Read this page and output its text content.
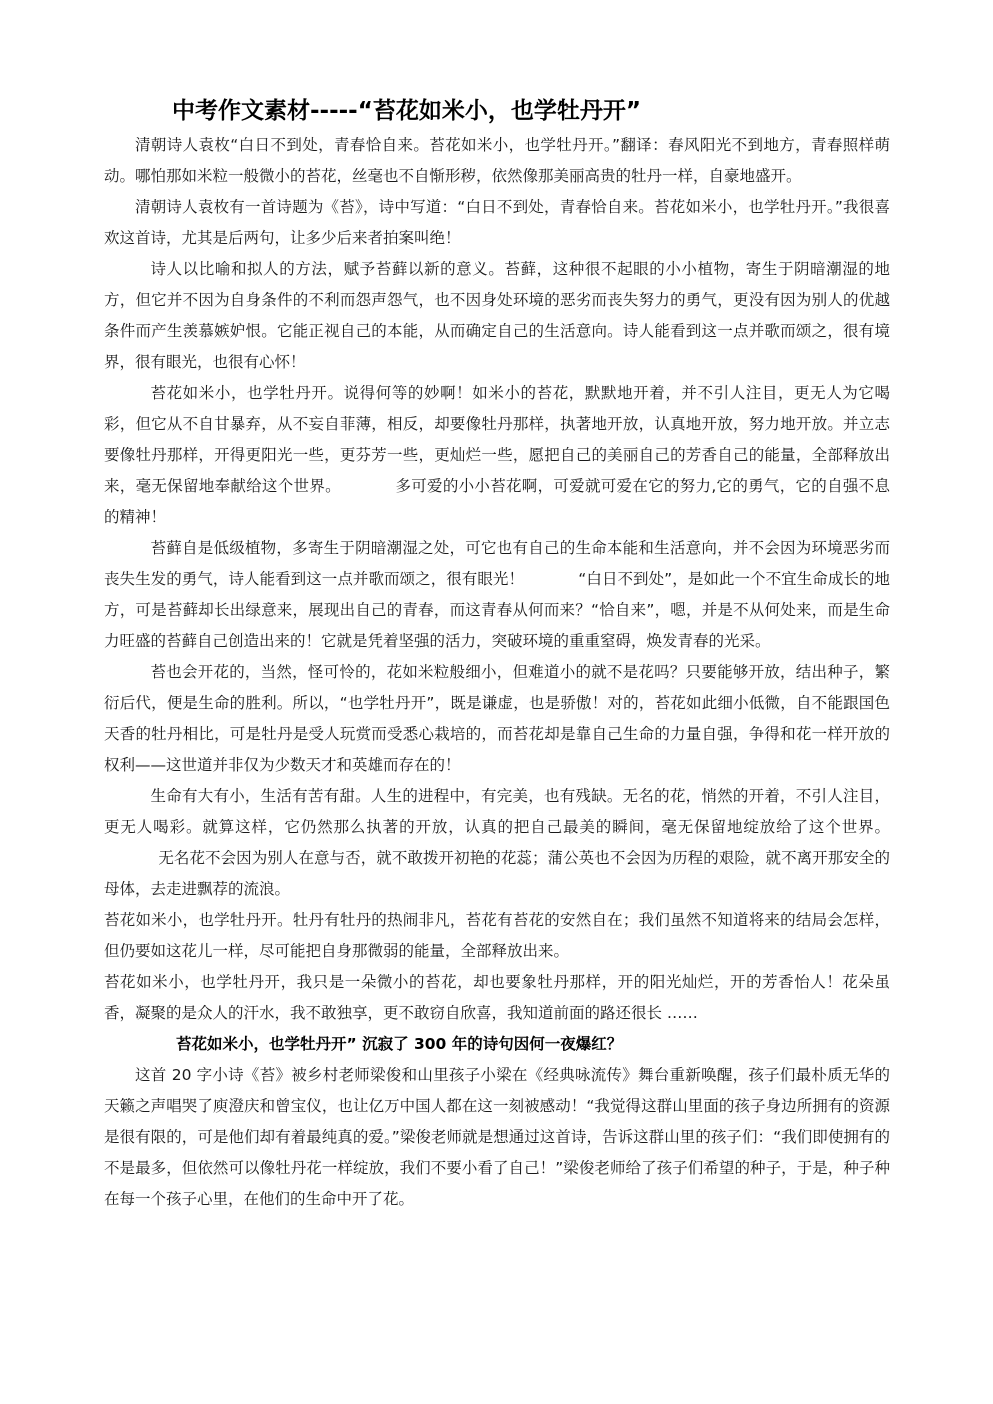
中考作文素材-----“苔花如米小，也学牡丹开”

清朝诗人袁枚“白日不到处，青春恰自来。苔花如米小，也学牡丹开。”翻译：春风阳光不到地方，青春照样萌动。哪怕那如米粒一般微小的苔花，丝毫也不自惭形秽，依然像那美丽高贵的牡丹一样，自豪地盛开。

清朝诗人袁枚有一首诗题为《苔》，诗中写道：“白日不到处，青春恰自来。苔花如米小，也学牡丹开。”我很喜欢这首诗，尤其是后两句，让多少后来者拍案叫绝！

诗人以比喻和拟人的方法，赋予苔藓以新的意义。苔藓，这种很不起眼的小小植物，寄生于阴暗潮湿的地方，但它并不因为自身条件的不利而怨声怨气，也不因身处环境的恶劣而丧失努力的勇气，更没有因为别人的优越条件而产生羡慕嫉妒恨。它能正视自己的本能，从而确定自己的生活意向。诗人能看到这一点并歌而颂之，很有境界，很有眼光，也很有心怀！

苔花如米小，也学牡丹开。说得何等的妙啊！如米小的苔花，默默地开着，并不引人注目，更无人为它喝彩，但它从不自甘暴弃，从不妄自菲薄，相反，却要像牡丹那样，执著地开放，认真地开放，努力地开放。并立志要像牡丹那样，开得更阳光一些，更芬芳一些，更灿烂一些，愿把自己的美丽自己的芳香自己的能量，全部释放出来，毫无保留地奉献给这个世界。	多可爱的小小苔花啊，可爱就可爱在它的努力,它的勇气，它的自强不息的精神！

苔藓自是低级植物，多寄生于阴暗潮湿之处，可它也有自己的生命本能和生活意向，并不会因为环境恶劣而丧失生发的勇气，诗人能看到这一点并歌而颂之，很有眼光！	“白日不到处”，是如此一个不宜生命成长的地方，可是苔藓却长出绿意来，展现出自己的青春，而这青春从何而来？“恰自来”，嗯，并是不从何处来，而是生命力旺盛的苔藓自己创造出来的！它就是凭着坚强的活力，突破环境的重重窒碍，焕发青春的光采。

苔也会开花的，当然，怪可怜的，花如米粒般细小，但难道小的就不是花吗？只要能够开放，结出种子，繁衍后代，便是生命的胜利。所以，“也学牡丹开”，既是谦虚，也是骄傲！对的，苔花如此细小低微，自不能跟国色天香的牡丹相比，可是牡丹是受人玩赏而受悉心栽培的，而苔花却是靠自己生命的力量自强，争得和花一样开放的权利——这世道并非仅为少数天才和英雄而存在的！

生命有大有小，生活有苦有甜。人生的进程中，有完美，也有残缺。无名的花，悄然的开着，不引人注目，更无人喝彩。就算这样，它仍然那么执著的开放，认真的把自己最美的瞬间，毫无保留地绽放给了这个世界。无名花不会因为别人在意与否，就不敢拨开初艳的花蕊；蒲公英也不会因为历程的艰险，就不离开那安全的母体，去走进飘荐的流浪。

苔花如米小，也学牡丹开。牡丹有牡丹的热闹非凡，苔花有苔花的安然自在；我们虽然不知道将来的结局会怎样，但仍要如这花儿一样，尽可能把自身那微弱的能量，全部释放出来。

苔花如米小，也学牡丹开，我只是一朵微小的苔花，却也要象牡丹那样，开的阳光灿烂，开的芳香怡人！花朵虽香，凝聚的是众人的汗水，我不敢独享，更不敢窃自欣喜，我知道前面的路还很长 ……

苔花如米小，也学牡丹开” 沉寂了 300 年的诗句因何一夜爆红？

这首 20 字小诗《苔》被乡村老师梁俊和山里孩子小梁在《经典咏流传》舞台重新唤醒，孩子们最朴质无华的天籁之声唱哭了庾澄庆和曾宝仪，也让亿万中国人都在这一刻被感动！“我觉得这群山里面的孩子身边所拥有的资源是很有限的，可是他们却有着最纯真的爱。”梁俊老师就是想通过这首诗，告诉这群山里的孩子们：“我们即使拥有的不是最多，但依然可以像牡丹花一样绽放，我们不要小看了自己！”梁俊老师给了孩子们希望的种子，于是，种子种在每一个孩子心里，在他们的生命中开了花。
